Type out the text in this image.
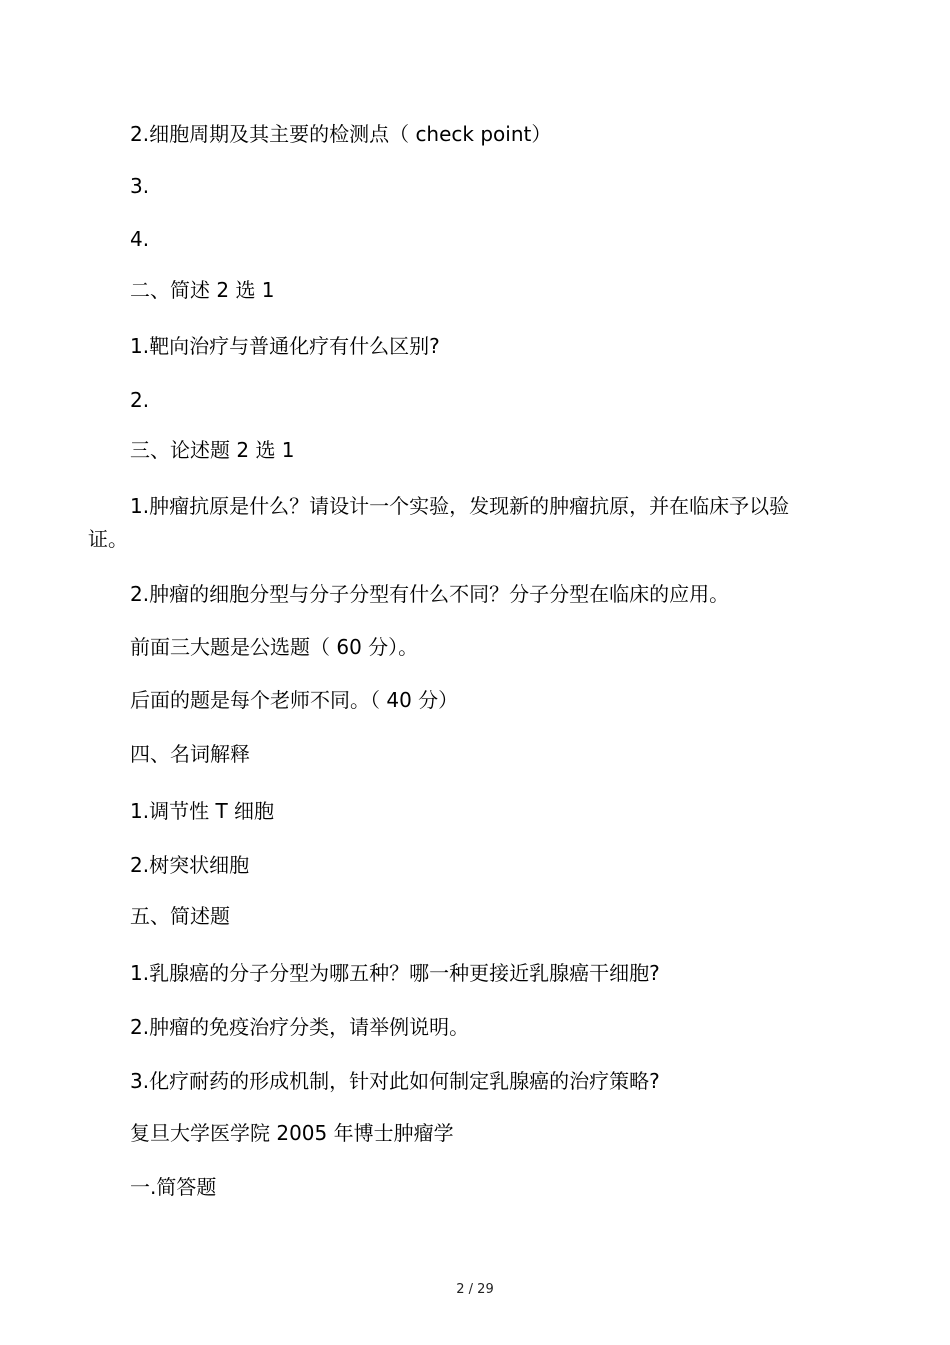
2.细胞周期及其主要的检测点（ check point）
3.
4.
二、简述 2 选 1
1.靶向治疗与普通化疗有什么区别?
2.
三、论述题 2 选 1
1.肿瘤抗原是什么？请设计一个实验，发现新的肿瘤抗原，并在临床予以验证。
2.肿瘤的细胞分型与分子分型有什么不同？分子分型在临床的应用。
前面三大题是公选题（ 60 分）。
后面的题是每个老师不同。（ 40 分）
四、名词解释
1.调节性 T 细胞
2.树突状细胞
五、简述题
1.乳腺癌的分子分型为哪五种？哪一种更接近乳腺癌干细胞?
2.肿瘤的免疫治疗分类，请举例说明。
3.化疗耐药的形成机制，针对此如何制定乳腺癌的治疗策略?
复旦大学医学院 2005 年博士肿瘤学
一.简答题
2 / 29
